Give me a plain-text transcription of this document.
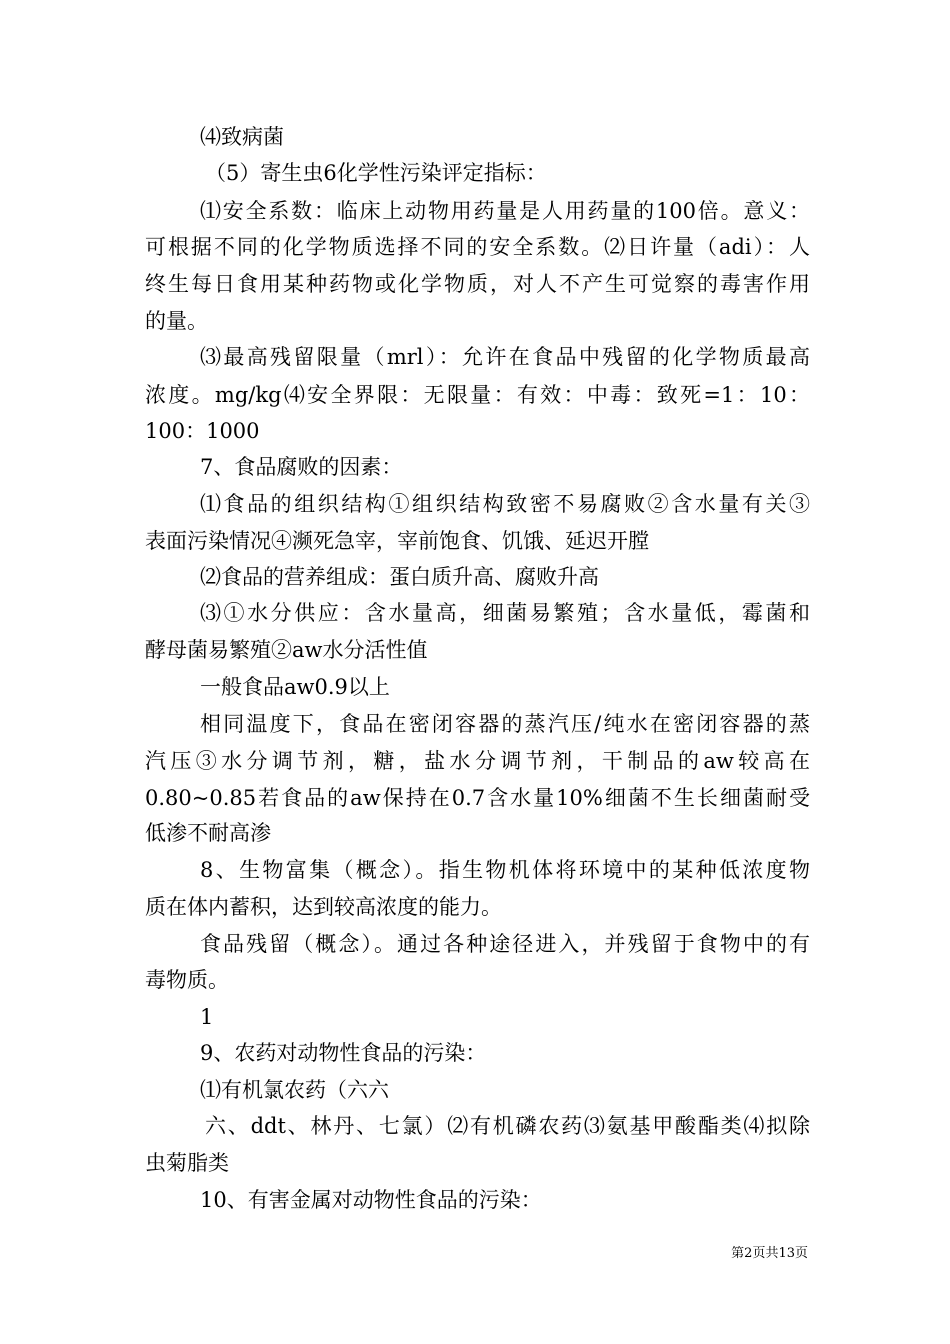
⑷致病菌
（5）寄生虫6化学性污染评定指标：
⑴安全系数：临床上动物用药量是人用药量的100倍。意义：
可根据不同的化学物质选择不同的安全系数。⑵日许量（adi）：人
终生每日食用某种药物或化学物质，对人不产生可觉察的毒害作用
的量。
⑶最高残留限量（mrl）：允许在食品中残留的化学物质最高
浓度。mg/kg⑷安全界限：无限量：有效：中毒：致死=1：10：
100：1000
7、食品腐败的因素：
⑴食品的组织结构①组织结构致密不易腐败②含水量有关③
表面污染情况④濒死急宰，宰前饱食、饥饿、延迟开膛
⑵食品的营养组成：蛋白质升高、腐败升高
⑶①水分供应：含水量高，细菌易繁殖；含水量低，霉菌和
酵母菌易繁殖②aw水分活性值
一般食品aw0.9以上
相同温度下，食品在密闭容器的蒸汽压/纯水在密闭容器的蒸
汽压③水分调节剂，糖，盐水分调节剂，干制品的aw较高在
0.80~0.85若食品的aw保持在0.7含水量10%细菌不生长细菌耐受
低渗不耐高渗
8、生物富集（概念）。指生物机体将环境中的某种低浓度物
质在体内蓄积，达到较高浓度的能力。
食品残留（概念）。通过各种途径进入，并残留于食物中的有
毒物质。
1
9、农药对动物性食品的污染：
⑴有机氯农药（六六
六、ddt、林丹、七氯）⑵有机磷农药⑶氨基甲酸酯类⑷拟除
虫菊脂类
10、有害金属对动物性食品的污染：
第2页共13页
